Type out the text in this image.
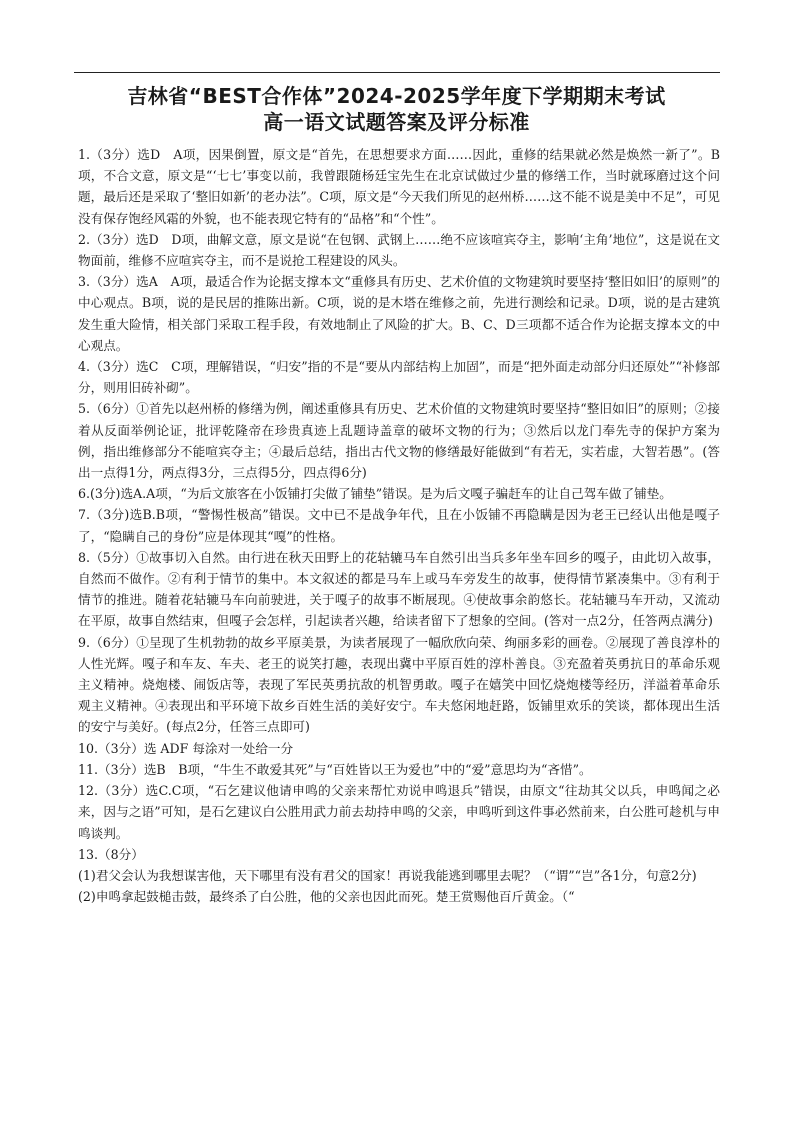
吉林省“BEST合作体”2024-2025学年度下学期期末考试
高一语文试题答案及评分标准

1.（3分）选D　A项，因果倒置，原文是“首先，在思想要求方面……因此，重修的结果就必然是焕然一新了”。B项，不合文意，原文是“‘七七’事变以前，我曾跟随杨廷宝先生在北京试做过少量的修缮工作，当时就琢磨过这个问题，最后还是采取了‘整旧如新’的老办法”。C项，原文是“今天我们所见的赵州桥……这不能不说是美中不足”，可见没有保存饱经风霜的外貌，也不能表现它特有的“品格”和“个性”。

2.（3分）选D　D项，曲解文意，原文是说“在包钢、武钢上……绝不应该喧宾夺主，影响‘主角’地位”，这是说在文物面前，维修不应喧宾夺主，而不是说抢工程建设的风头。

3.（3分）选A　A项，最适合作为论据支撑本文“重修具有历史、艺术价值的文物建筑时要坚持‘整旧如旧’的原则”的中心观点。B项，说的是民居的推陈出新。C项，说的是木塔在维修之前，先进行测绘和记录。D项，说的是古建筑发生重大险情，相关部门采取工程手段，有效地制止了风险的扩大。B、C、D三项都不适合作为论据支撑本文的中心观点。

4.（3分）选C　C项，理解错误，“归安”指的不是“要从内部结构上加固”，而是“把外面走动部分归还原处”“补修部分，则用旧砖补砌”。

5.（6分）①首先以赵州桥的修缮为例，阐述重修具有历史、艺术价值的文物建筑时要坚持“整旧如旧”的原则；②接着从反面举例论证，批评乾隆帝在珍贵真迹上乱题诗盖章的破坏文物的行为；③然后以龙门奉先寺的保护方案为例，指出维修部分不能喧宾夺主；④最后总结，指出古代文物的修缮最好能做到“有若无，实若虚，大智若愚”。(答出一点得1分，两点得3分，三点得5分，四点得6分)

6.(3分)选A.A项，“为后文旅客在小饭铺打尖做了铺垫”错误。是为后文嘎子骗赶车的让自己驾车做了铺垫。

7.（3分)选B.B项，“警惕性极高”错误。文中已不是战争年代，且在小饭铺不再隐瞒是因为老王已经认出他是嘎子了，“隐瞒自己的身份”应是体现其“嘎”的性格。

8.（5分）①故事切入自然。由行进在秋天田野上的花轱辘马车自然引出当兵多年坐车回乡的嘎子，由此切入故事，自然而不做作。②有利于情节的集中。本文叙述的都是马车上或马车旁发生的故事，使得情节紧凑集中。③有利于情节的推进。随着花轱辘马车向前驶进，关于嘎子的故事不断展现。④使故事余韵悠长。花轱辘马车开动，又流动在平原，故事自然结束，但嘎子会怎样，引起读者兴趣，给读者留下了想象的空间。(答对一点2分，任答两点满分)

9.（6分）①呈现了生机勃勃的故乡平原美景，为读者展现了一幅欣欣向荣、绚丽多彩的画卷。②展现了善良淳朴的人性光辉。嘎子和车友、车夫、老王的说笑打趣，表现出冀中平原百姓的淳朴善良。③充盈着英勇抗日的革命乐观主义精神。烧炮楼、闹饭店等，表现了军民英勇抗敌的机智勇敢。嘎子在嬉笑中回忆烧炮楼等经历，洋溢着革命乐观主义精神。④表现出和平环境下故乡百姓生活的美好安宁。车夫悠闲地赶路，饭铺里欢乐的笑谈，都体现出生活的安宁与美好。(每点2分，任答三点即可)

10.（3分）选 ADF 每涂对一处给一分

11.（3分）选B　B项，“牛生不敢爱其死”与“百姓皆以王为爱也”中的“爱”意思均为“吝惜”。

12.（3分）选C.C项，“石乞建议他请申鸣的父亲来帮忙劝说申鸣退兵”错误，由原文“往劫其父以兵，申鸣闻之必来，因与之语”可知，是石乞建议白公胜用武力前去劫持申鸣的父亲，申鸣听到这件事必然前来，白公胜可趁机与申鸣谈判。

13.（8分）

(1)君父会认为我想谋害他，天下哪里有没有君父的国家！再说我能逃到哪里去呢？（“谓”“岂”各1分，句意2分)

(2)申鸣拿起鼓槌击鼓，最终杀了白公胜，他的父亲也因此而死。楚王赏赐他百斤黄金。（“
